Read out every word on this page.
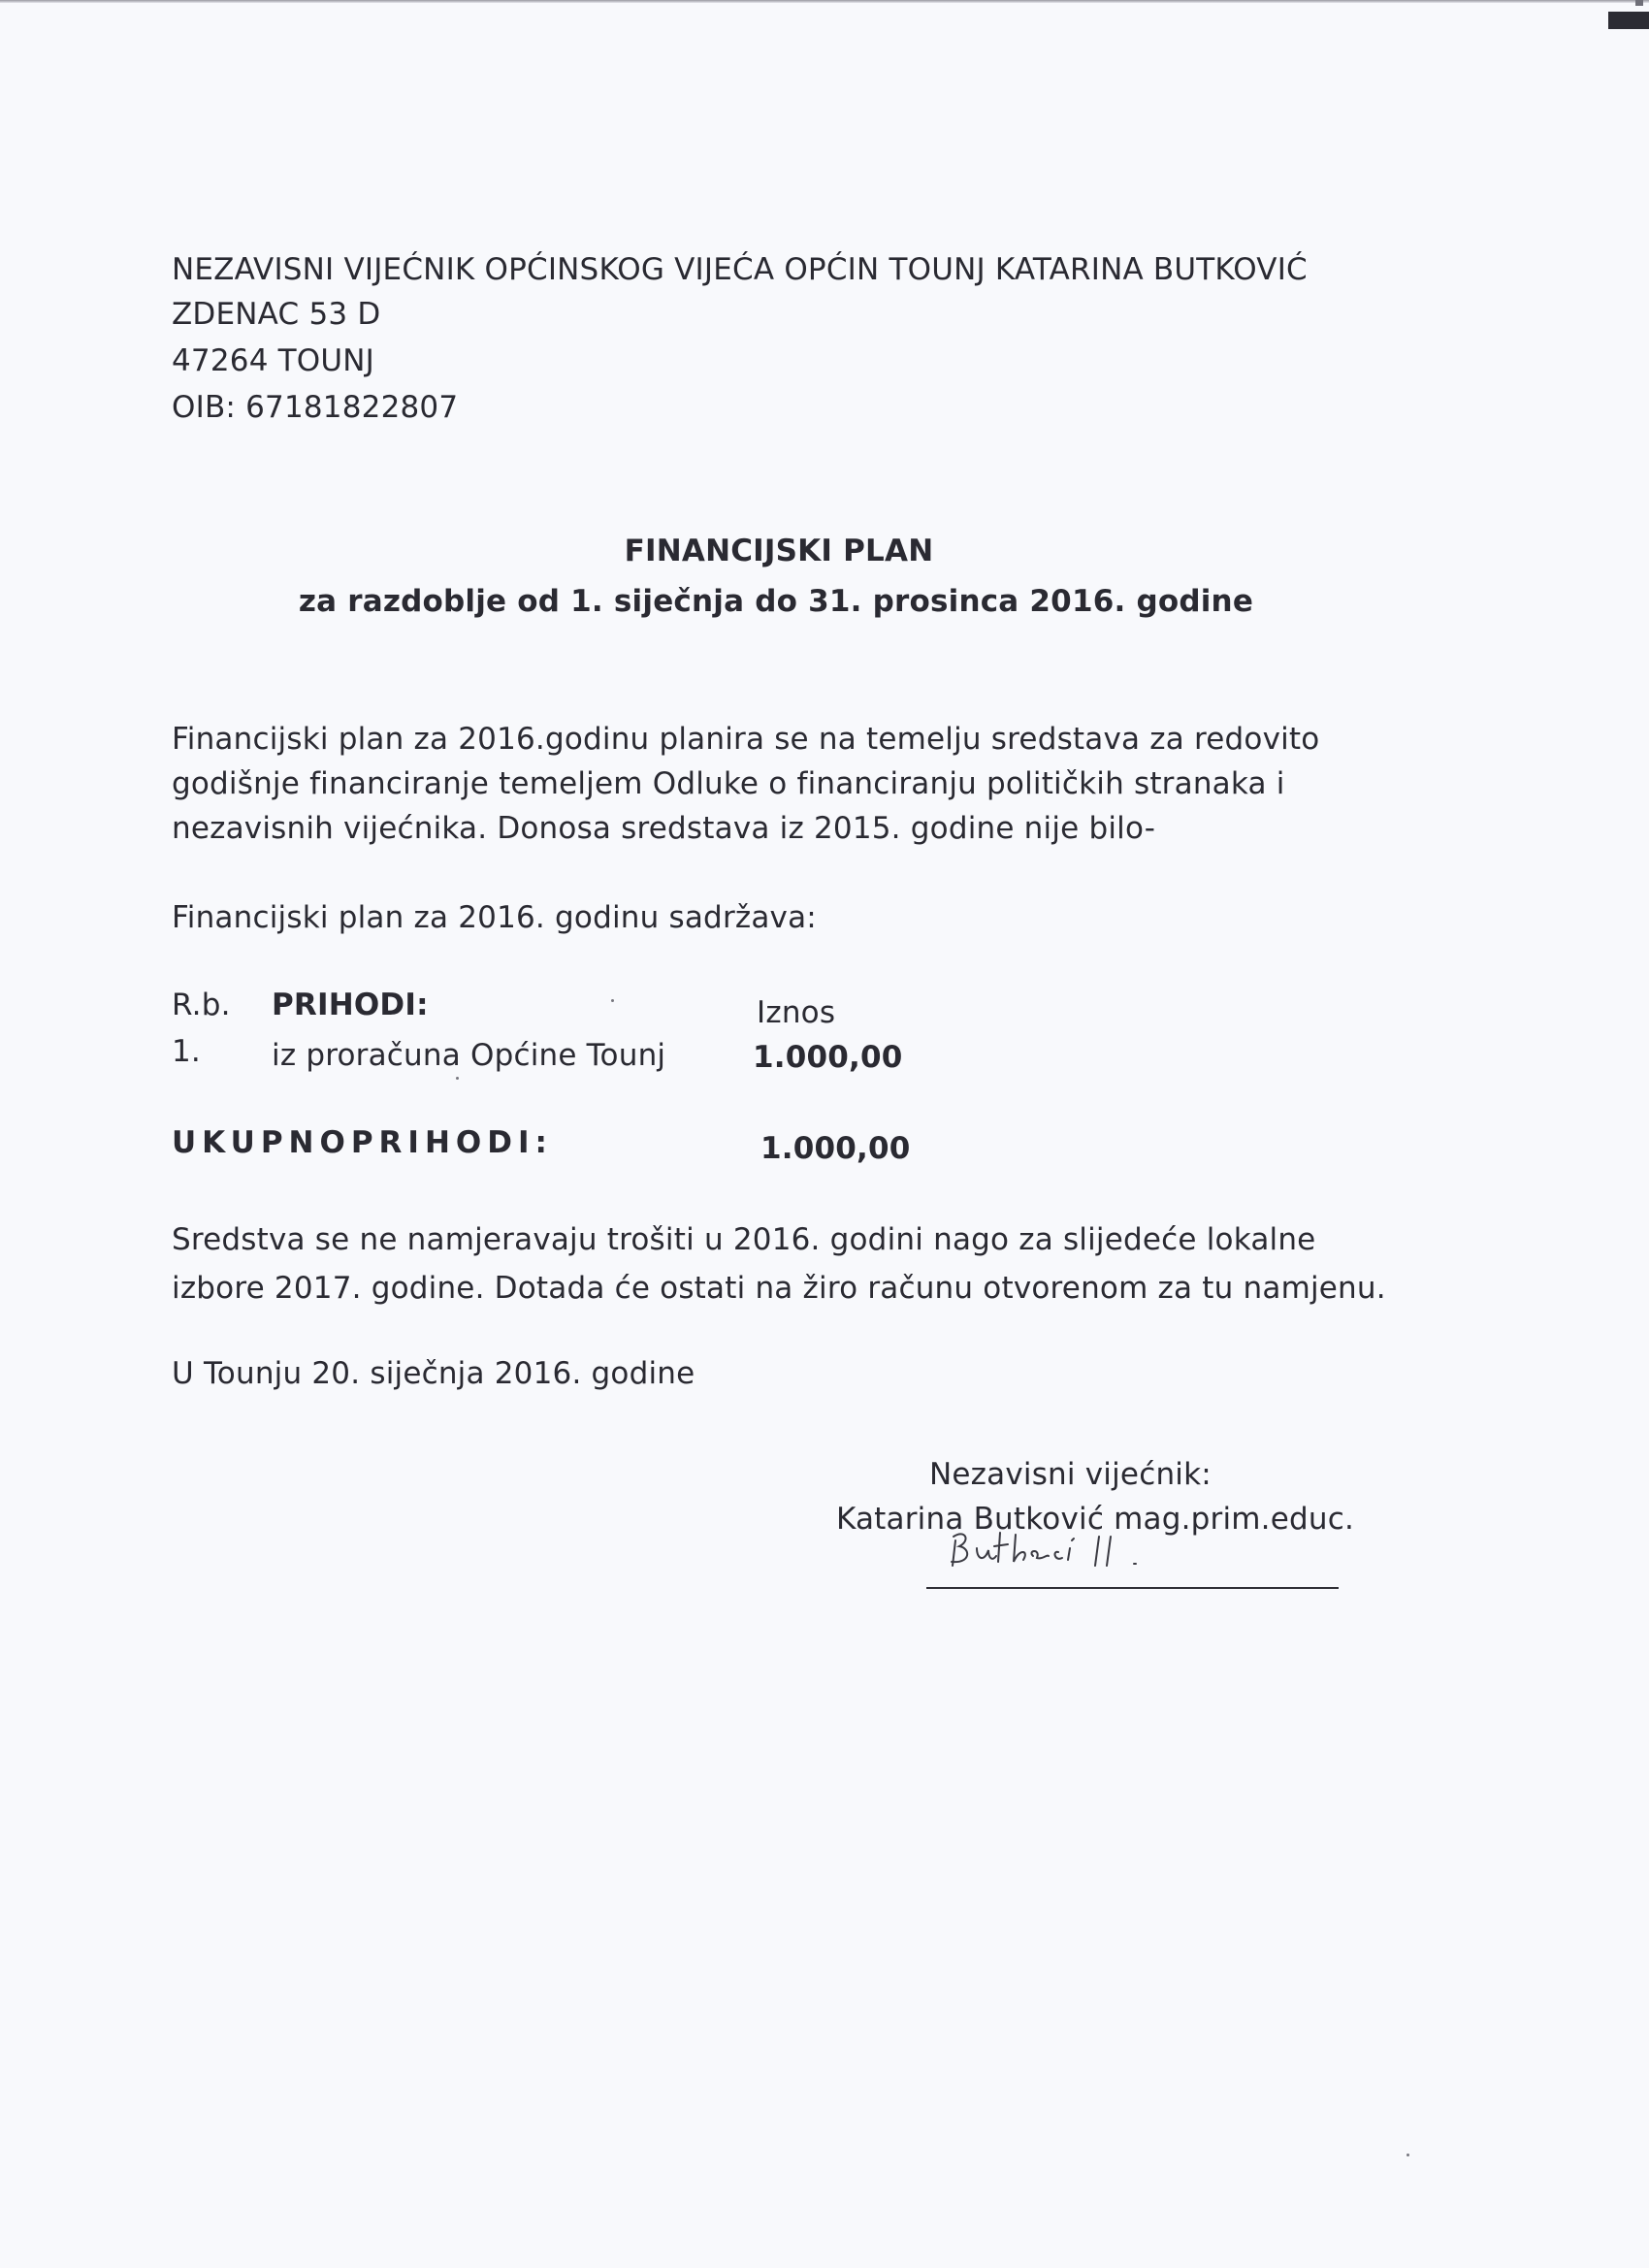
NEZAVISNI VIJEĆNIK OPĆINSKOG VIJEĆA OPĆIN TOUNJ KATARINA BUTKOVIĆ
ZDENAC 53 D
47264 TOUNJ
OIB: 67181822807
FINANCIJSKI PLAN
za razdoblje od 1. siječnja do 31. prosinca 2016. godine
Financijski plan za 2016.godinu planira se na temelju sredstava za redovito
godišnje financiranje temeljem Odluke o financiranju političkih stranaka i
nezavisnih vijećnika. Donosa sredstava iz 2015. godine nije bilo-
Financijski plan za 2016. godinu sadržava:
R.b. PRIHODI:	Iznos
1. iz proračuna Općine Tounj	1.000,00
UKUPNOPRIHODI:	1.000,00
Sredstva se ne namjeravaju trošiti u 2016. godini nago za slijedeće lokalne
izbore 2017. godine. Dotada će ostati na žiro računu otvorenom za tu namjenu.
U Tounju 20. siječnja 2016. godine
Nezavisni vijećnik:
Katarina Butković mag.prim.educ.
